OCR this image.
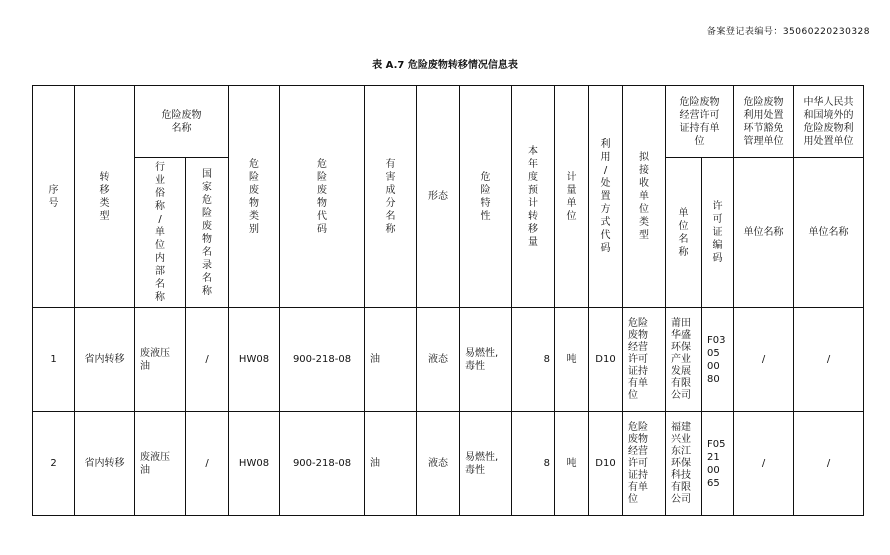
备案登记表编号：35060220230328
表 A.7 危险废物转移情况信息表
序号	转移类型	危险废物名称		危险废物类别	危险废物代码	有害成分名称	形态	危险特性	本年度预计转移量	计量单位	利用/处置方式代码	拟接收单位类型	危险废物经营许可证持有单位		危险废物利用处置环节豁免管理单位	中华人民共和国境外的危险废物利用处置单位
		行业俗称/单位内部名称	国家危险废物名录名称										单位名称	许可证编码	单位名称	单位名称
1	省内转移	废液压油	/	HW08	900-218-08	油	液态	易燃性,毒性	8	吨	D10	危险废物经营许可证持有单位	莆田华盛环保产业发展有限公司	F03050080	/	/
2	省内转移	废液压油	/	HW08	900-218-08	油	液态	易燃性,毒性	8	吨	D10	危险废物经营许可证持有单位	福建兴业东江环保科技有限公司	F05210065	/	/
